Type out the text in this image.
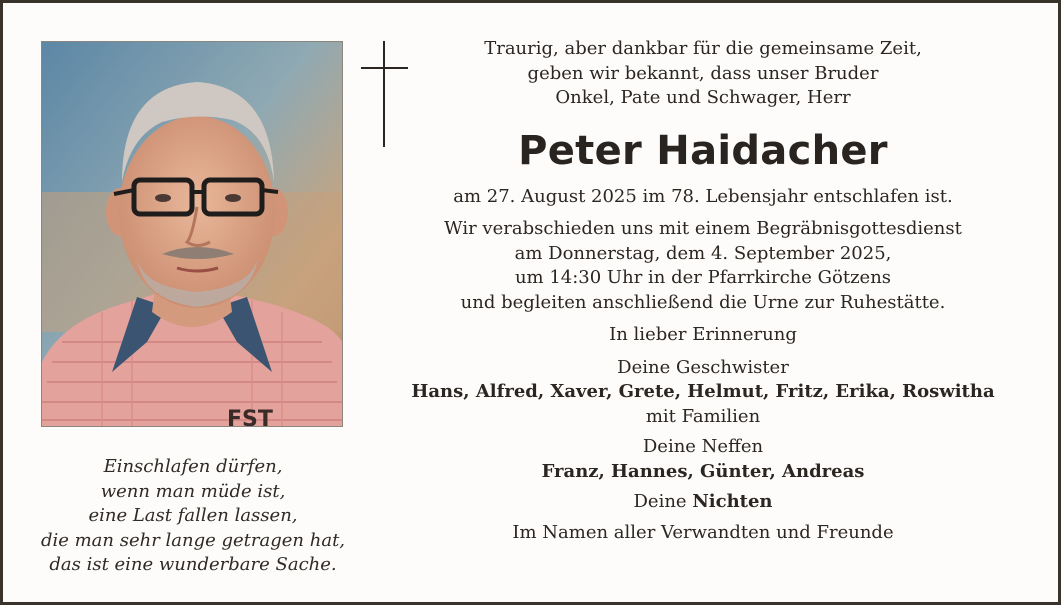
FST
Einschlafen dürfen,
wenn man müde ist,
eine Last fallen lassen,
die man sehr lange getragen hat,
das ist eine wunderbare Sache.
Traurig, aber dankbar für die gemeinsame Zeit,
geben wir bekannt, dass unser Bruder
Onkel, Pate und Schwager, Herr
Peter Haidacher
am 27. August 2025 im 78. Lebensjahr entschlafen ist.
Wir verabschieden uns mit einem Begräbnisgottesdienst
am Donnerstag, dem 4. September 2025,
um 14:30 Uhr in der Pfarrkirche Götzens
und begleiten anschließend die Urne zur Ruhestätte.
In lieber Erinnerung
Deine Geschwister
Hans, Alfred, Xaver, Grete, Helmut, Fritz, Erika, Roswitha
mit Familien
Deine Neffen
Franz, Hannes, Günter, Andreas
Deine Nichten
Im Namen aller Verwandten und Freunde
